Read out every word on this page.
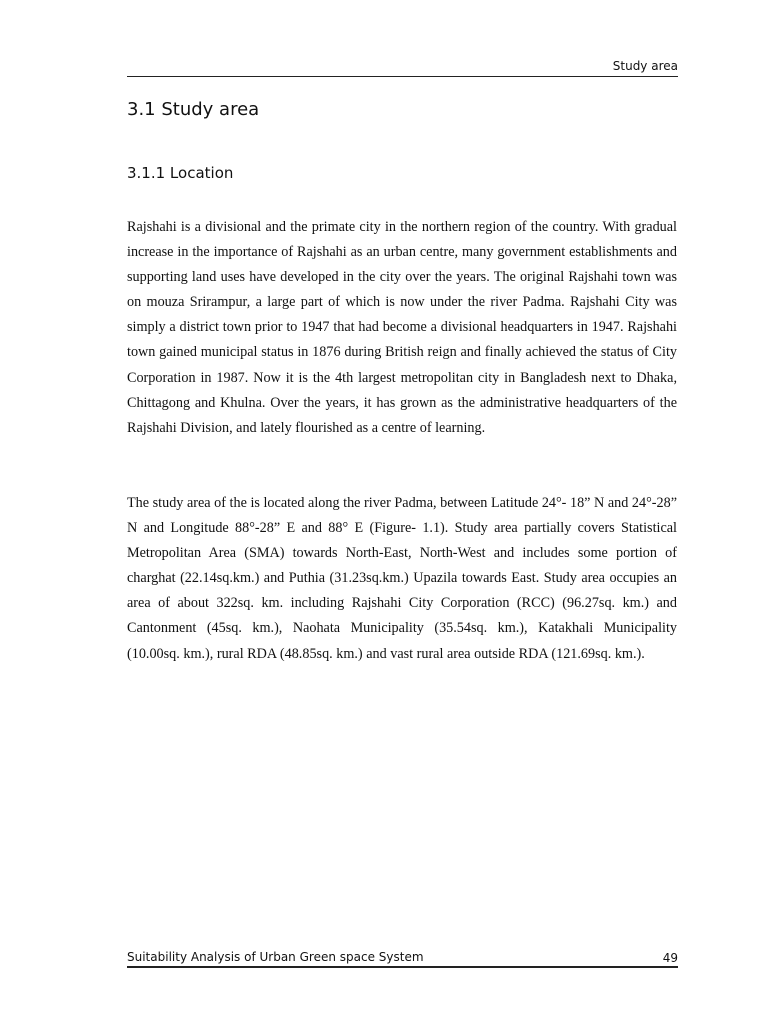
Study area
3.1 Study area
3.1.1 Location

Rajshahi is a divisional and the primate city in the northern region of the country. With gradual increase in the importance of Rajshahi as an urban centre, many government establishments and supporting land uses have developed in the city over the years. The original Rajshahi town was on mouza Srirampur, a large part of which is now under the river Padma. Rajshahi City was simply a district town prior to 1947 that had become a divisional headquarters in 1947. Rajshahi town gained municipal status in 1876 during British reign and finally achieved the status of City Corporation in 1987. Now it is the 4th largest metropolitan city in Bangladesh next to Dhaka, Chittagong and Khulna. Over the years, it has grown as the administrative headquarters of the Rajshahi Division, and lately flourished as a centre of learning.

The study area of the is located along the river Padma, between Latitude 24°- 18” N and 24°-28” N and Longitude 88°-28” E and 88° E (Figure- 1.1). Study area partially covers Statistical Metropolitan Area (SMA) towards North-East, North-West and includes some portion of charghat (22.14sq.km.) and Puthia (31.23sq.km.) Upazila towards East. Study area occupies an area of about 322sq. km. including Rajshahi City Corporation (RCC) (96.27sq. km.) and Cantonment (45sq. km.), Naohata Municipality (35.54sq. km.), Katakhali Municipality (10.00sq. km.), rural RDA (48.85sq. km.) and vast rural area outside RDA (121.69sq. km.).

Suitability Analysis of Urban Green space System	49
